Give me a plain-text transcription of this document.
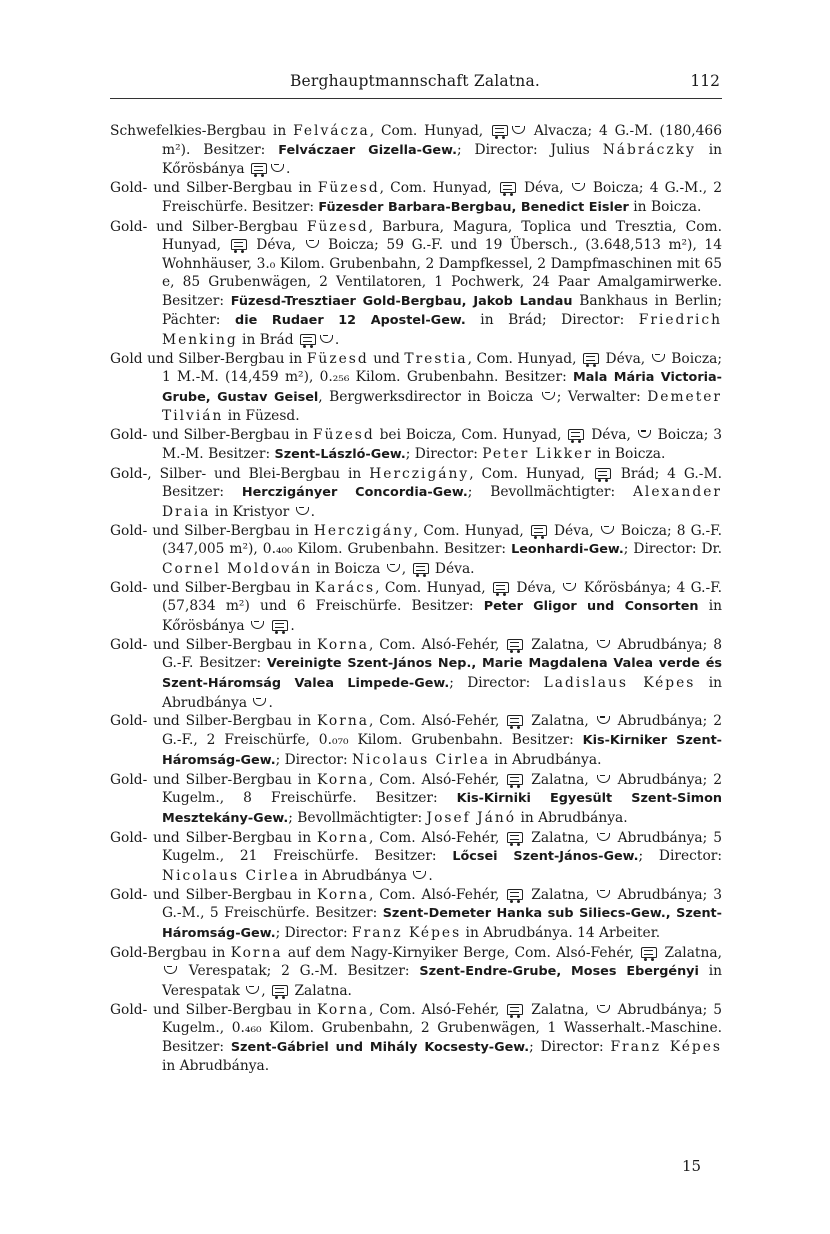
Berghauptmannschaft Zalatna.	112

Schwefelkies-Bergbau in Felvácza, Com. Hunyad,	Alvacza; 4 G.-M. (180,466 m²). Besitzer: Felváczaer Gizella-Gew.; Director: Julius Nábráczky in Kőrösbánya	.

Gold- und Silber-Bergbau in Füzesd, Com. Hunyad,  Déva,  Boicza; 4 G.-M., 2 Freischürfe. Besitzer: Füzesder Barbara-Bergbau, Benedict Eisler in Boicza.

Gold- und Silber-Bergbau Füzesd, Barbura, Magura, Toplica und Tresztia, Com. Hunyad,  Déva,  Boicza; 59 G.-F. und 19 Übersch., (3.648,513 m²), 14 Wohnhäuser, 3.₀ Kilom. Grubenbahn, 2 Dampfkessel, 2 Dampfmaschinen mit 65 e, 85 Grubenwägen, 2 Ventilatoren, 1 Pochwerk, 24 Paar Amalgamirwerke. Besitzer: Füzesd-Tresztiaer Gold-Bergbau, Jakob Landau Bankhaus in Berlin; Pächter: die Rudaer 12 Apostel-Gew. in Brád; Director: Friedrich Menking in Brád	.

Gold und Silber-Bergbau in Füzesd und Trestia, Com. Hunyad,  Déva,  Boicza; 1 M.-M. (14,459 m²), 0.₂₅₆ Kilom. Grubenbahn. Besitzer: Mala Mária Victoria-Grube, Gustav Geisel, Bergwerksdirector in Boicza ; Verwalter: Demeter Tilvián in Füzesd.

Gold- und Silber-Bergbau in Füzesd bei Boicza, Com. Hunyad,  Déva,  Boicza; 3 M.-M. Besitzer: Szent-László-Gew.; Director: Peter Likker in Boicza.

Gold-, Silber- und Blei-Bergbau in Herczigány, Com. Hunyad,  Brád; 4 G.-M. Besitzer: Herczigányer Concordia-Gew.; Bevollmächtigter: Alexander Draia in Kristyor .

Gold- und Silber-Bergbau in Herczigány, Com. Hunyad,  Déva,  Boicza; 8 G.-F. (347,005 m²), 0.₄₀₀ Kilom. Grubenbahn. Besitzer: Leonhardi-Gew.; Director: Dr. Cornel Moldován in Boicza ,  Déva.

Gold- und Silber-Bergbau in Karács, Com. Hunyad,  Déva,  Kőrösbánya; 4 G.-F. (57,834 m²) und 6 Freischürfe. Besitzer: Peter Gligor und Consorten in Kőrösbánya	.

Gold- und Silber-Bergbau in Korna, Com. Alsó-Fehér,  Zalatna,  Abrudbánya; 8 G.-F. Besitzer: Vereinigte Szent-János Nep., Marie Magdalena Valea verde és Szent-Háromság Valea Limpede-Gew.; Director: Ladislaus Képes in Abrudbánya .

Gold- und Silber-Bergbau in Korna, Com. Alsó-Fehér,  Zalatna,  Abrudbánya; 2 G.-F., 2 Freischürfe, 0.₀₇₀ Kilom. Grubenbahn. Besitzer: Kis-Kirniker Szent-Háromság-Gew.; Director: Nicolaus Cirlea in Abrudbánya.

Gold- und Silber-Bergbau in Korna, Com. Alsó-Fehér,  Zalatna,  Abrudbánya; 2 Kugelm., 8 Freischürfe. Besitzer: Kis-Kirniki Egyesült Szent-Simon Mesztekány-Gew.; Bevollmächtigter: Josef Jánó in Abrudbánya.

Gold- und Silber-Bergbau in Korna, Com. Alsó-Fehér,  Zalatna,  Abrudbánya; 5 Kugelm., 21 Freischürfe. Besitzer: Lőcsei Szent-János-Gew.; Director: Nicolaus Cirlea in Abrudbánya .

Gold- und Silber-Bergbau in Korna, Com. Alsó-Fehér,  Zalatna,  Abrudbánya; 3 G.-M., 5 Freischürfe. Besitzer: Szent-Demeter Hanka sub Siliecs-Gew., Szent-Háromság-Gew.; Director: Franz Képes in Abrudbánya. 14 Arbeiter.

Gold-Bergbau in Korna auf dem Nagy-Kirnyiker Berge, Com. Alsó-Fehér,  Zalatna,  Verespatak; 2 G.-M. Besitzer: Szent-Endre-Grube, Moses Ebergényi in Verespatak ,  Zalatna.

Gold- und Silber-Bergbau in Korna, Com. Alsó-Fehér,  Zalatna,  Abrudbánya; 5 Kugelm., 0.₄₆₀ Kilom. Grubenbahn, 2 Grubenwägen, 1 Wasserhalt.-Maschine. Besitzer: Szent-Gábriel und Mihály Kocsesty-Gew.; Director: Franz Képes in Abrudbánya.

15
